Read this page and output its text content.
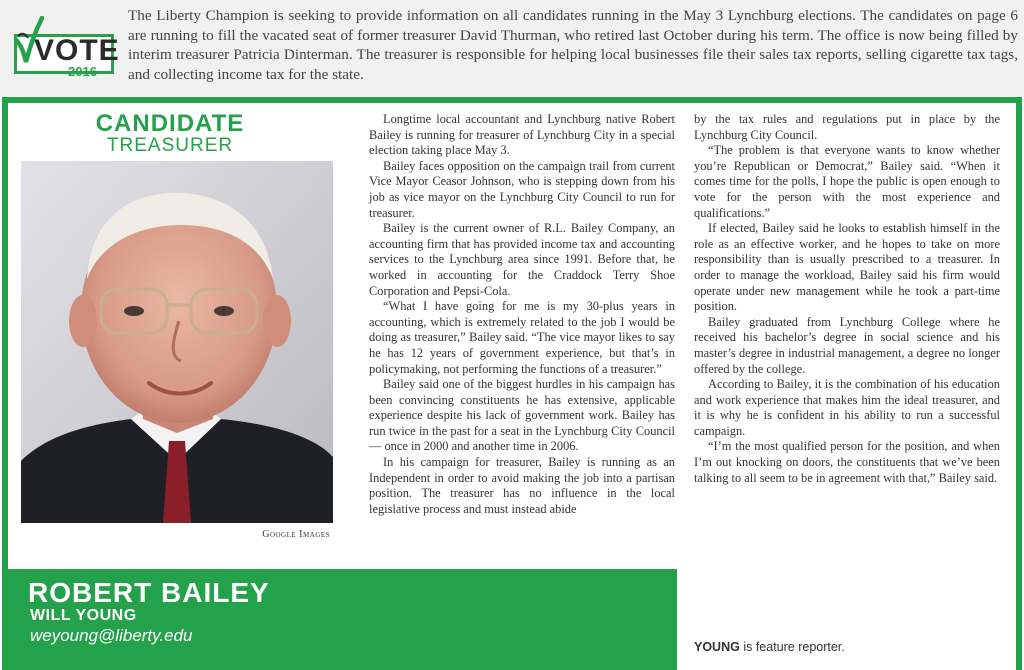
VOTE
2016

The Liberty Champion is seeking to provide information on all candidates running in the May 3 Lynchburg elections. The candidates on page 6 are running to fill the vacated seat of former treasurer David Thurman, who retired last October during his term. The office is now being filled by interim treasurer Patricia Dinterman. The treasurer is responsible for helping local businesses file their sales tax reports, selling cigarette tax tags, and collecting income tax for the state.

CANDIDATE
TREASURER
Google Images

Longtime local accountant and Lynchburg native Robert Bailey is running for treasurer of Lynchburg City in a special election taking place May 3.

Bailey faces opposition on the campaign trail from current Vice Mayor Ceasor Johnson, who is stepping down from his job as vice mayor on the Lynchburg City Council to run for treasurer.

Bailey is the current owner of R.L. Bailey Company, an accounting firm that has provided income tax and accounting services to the Lynchburg area since 1991. Before that, he worked in accounting for the Craddock Terry Shoe Corporation and Pepsi-Cola.

“What I have going for me is my 30-plus years in accounting, which is extremely related to the job I would be doing as treasurer,” Bailey said. “The vice mayor likes to say he has 12 years of government experience, but that’s in policymaking, not performing the functions of a treasurer.”

Bailey said one of the biggest hurdles in his campaign has been convincing constituents he has extensive, applicable experience despite his lack of government work. Bailey has run twice in the past for a seat in the Lynchburg City Council — once in 2000 and another time in 2006.

In his campaign for treasurer, Bailey is running as an Independent in order to avoid making the job into a partisan position. The treasurer has no influence in the local legislative process and must instead abide

by the tax rules and regulations put in place by the Lynchburg City Council.

“The problem is that everyone wants to know whether you’re Republican or Democrat,” Bailey said. “When it comes time for the polls, I hope the public is open enough to vote for the person with the most experience and qualifications.”

If elected, Bailey said he looks to establish himself in the role as an effective worker, and he hopes to take on more responsibility than is usually prescribed to a treasurer. In order to manage the workload, Bailey said his firm would operate under new management while he took a part-time position.

Bailey graduated from Lynchburg College where he received his bachelor’s degree in social science and his master’s degree in industrial management, a degree no longer offered by the college.

According to Bailey, it is the combination of his education and work experience that makes him the ideal treasurer, and it is why he is confident in his ability to run a successful campaign.

“I’m the most qualified person for the position, and when I’m out knocking on doors, the constituents that we’ve been talking to all seem to be in agreement with that,” Bailey said.

ROBERT BAILEY
WILL YOUNG
weyoung@liberty.edu
YOUNG is feature reporter.
